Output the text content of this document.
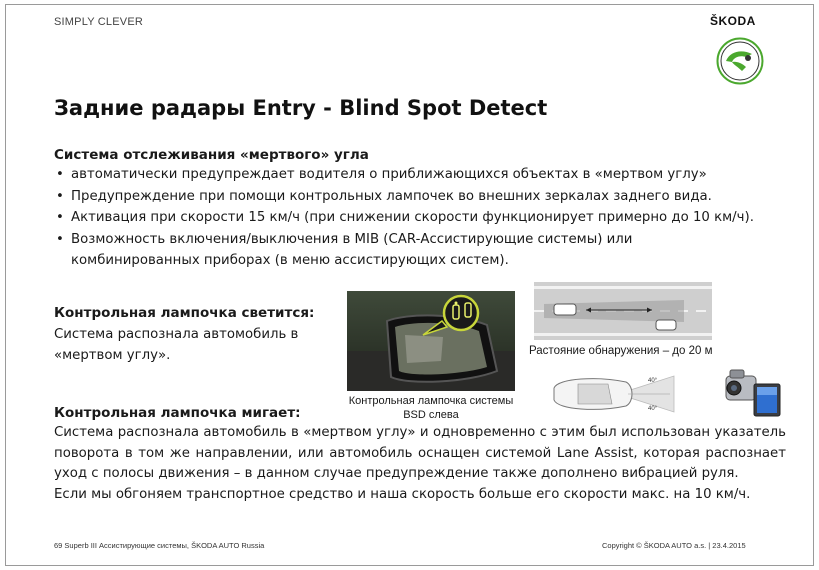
SIMPLY CLEVER	ŠKODA
Задние радары Entry - Blind Spot Detect
Система отслеживания «мертвого» угла
• автоматически предупреждает водителя о приближающихся объектах в «мертвом углу»
• Предупреждение при помощи контрольных лампочек во внешних зеркалах заднего вида.
• Активация при скорости 15 км/ч (при снижении скорости функционирует примерно до 10 км/ч).
• Возможность включения/выключения в MIB (CAR-Ассистирующие системы) или комбинированных приборах (в меню ассистирующих систем).
Контрольная лампочка светится:
Система распознала автомобиль в «мертвом углу».
Контрольная лампочка системы BSD слева
Растояние обнаружения – до 20 м
40°
40°
Контрольная лампочка мигает:
Система распознала автомобиль в «мертвом углу» и одновременно с этим был использован указатель поворота в том же направлении, или автомобиль оснащен системой Lane Assist, которая распознает уход с полосы движения – в данном случае предупреждение также дополнено вибрацией руля.
Если мы обгоняем транспортное средство и наша скорость больше его скорости макс. на 10 км/ч.
69 Superb III Ассистирующие системы, ŠKODA AUTO Russia	Copyright © ŠKODA AUTO a.s. | 23.4.2015
